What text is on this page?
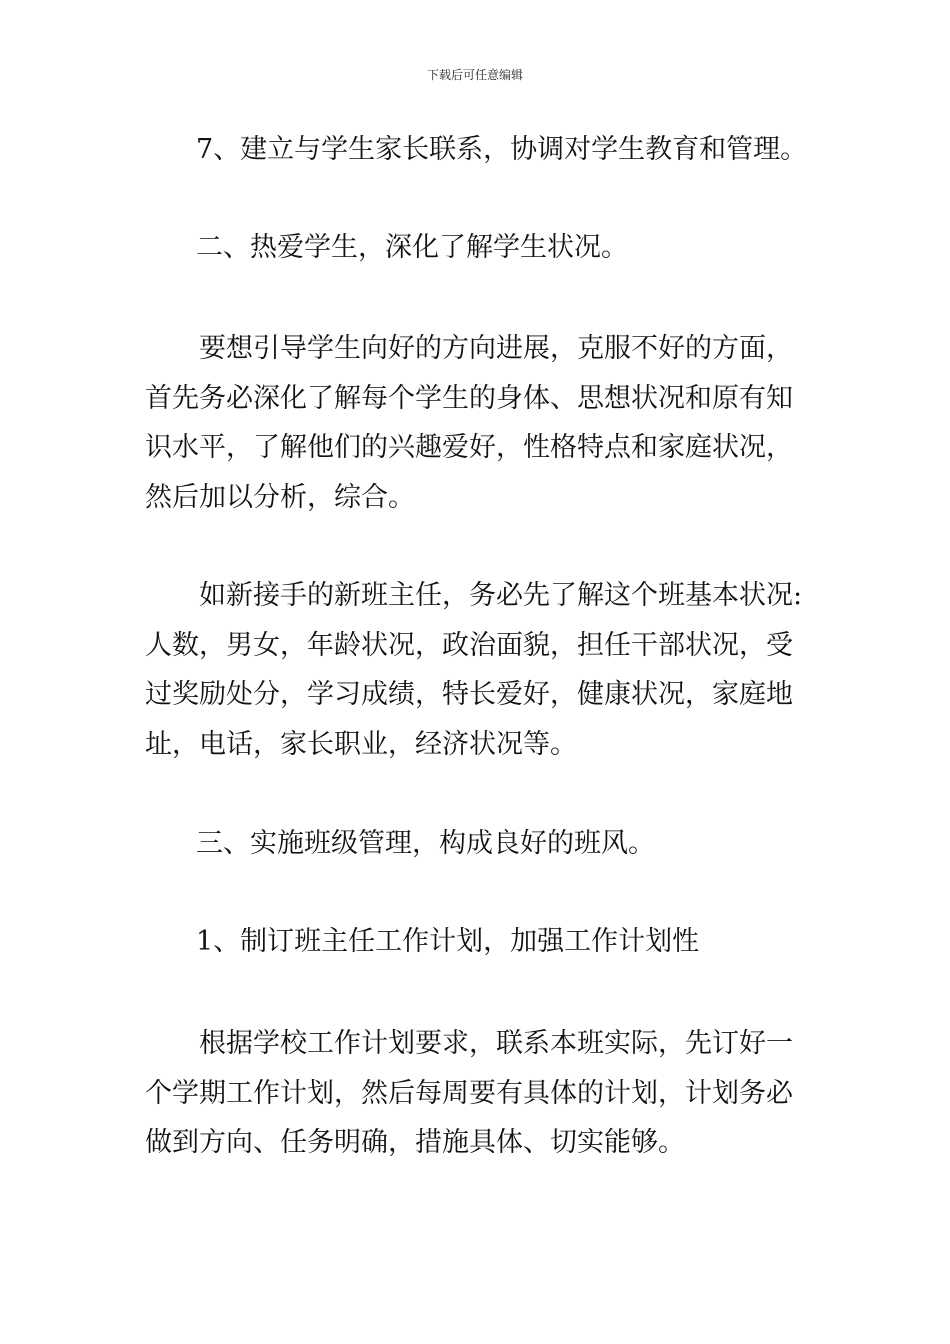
下载后可任意编辑

7、建立与学生家长联系，协调对学生教育和管理。

二、热爱学生，深化了解学生状况。

要想引导学生向好的方向进展，克服不好的方面，首先务必深化了解每个学生的身体、思想状况和原有知识水平，了解他们的兴趣爱好，性格特点和家庭状况，然后加以分析，综合。

如新接手的新班主任，务必先了解这个班基本状况:人数，男女，年龄状况，政治面貌，担任干部状况，受过奖励处分，学习成绩，特长爱好，健康状况，家庭地址，电话，家长职业，经济状况等。

三、实施班级管理，构成良好的班风。

1、制订班主任工作计划，加强工作计划性

根据学校工作计划要求，联系本班实际，先订好一个学期工作计划，然后每周要有具体的计划，计划务必做到方向、任务明确，措施具体、切实能够。
